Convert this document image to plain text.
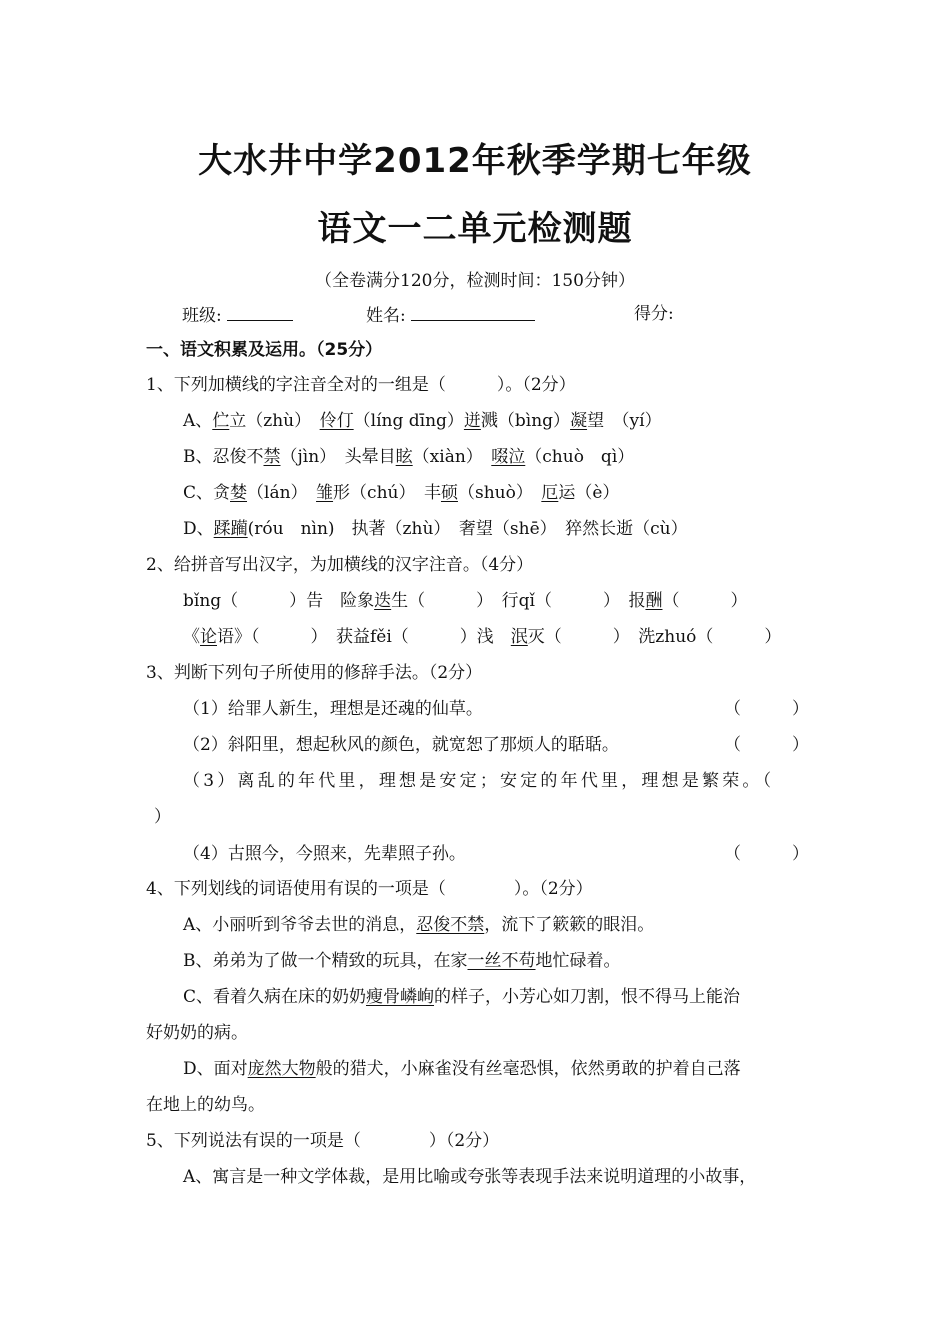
大水井中学2012年秋季学期七年级
语文一二单元检测题
（全卷满分120分，检测时间：150分钟）
班级:	姓名:	得分:
一、语文积累及运用。（25分）
1、下列加横线的字注音全对的一组是（　　　）。（2分）
A、伫立（zhù）　伶仃（líng dīng）迸溅（bìng）凝望　（yí）
B、忍俊不禁（jìn）　头晕目眩（xiàn）　啜泣（chuò　qì）
C、贪婪（lán）　雏形（chú）　丰硕（shuò）　厄运（è）
D、蹂躏(róu　nìn)　执著（zhù）　奢望（shē）　猝然长逝（cù）
2、给拼音写出汉字，为加横线的汉字注音。（4分）
bǐng（　　　）告　险象迭生（　　　）　行qǐ（　　　）　报酬（　　　）
《论语》（　　　）　获益fěi（　　　）浅　泯灭（　　　）　洗zhuó（　　　）
3、判断下列句子所使用的修辞手法。（2分）
（1）给罪人新生，理想是还魂的仙草。	（　　　）
（2）斜阳里，想起秋风的颜色，就宽恕了那烦人的聒聒。	（　　　）
（3）离乱的年代里，理想是安定；安定的年代里，理想是繁荣。（
）
（4）古照今，今照来，先辈照子孙。	（　　　）
4、下列划线的词语使用有误的一项是（　　　　）。（2分）
A、小丽听到爷爷去世的消息，忍俊不禁，流下了簌簌的眼泪。
B、弟弟为了做一个精致的玩具，在家一丝不苟地忙碌着。
C、看着久病在床的奶奶瘦骨嶙峋的样子，小芳心如刀割，恨不得马上能治
好奶奶的病。
D、面对庞然大物般的猎犬，小麻雀没有丝毫恐惧，依然勇敢的护着自己落
在地上的幼鸟。
5、下列说法有误的一项是（　　　　）（2分）
A、寓言是一种文学体裁，是用比喻或夸张等表现手法来说明道理的小故事，
